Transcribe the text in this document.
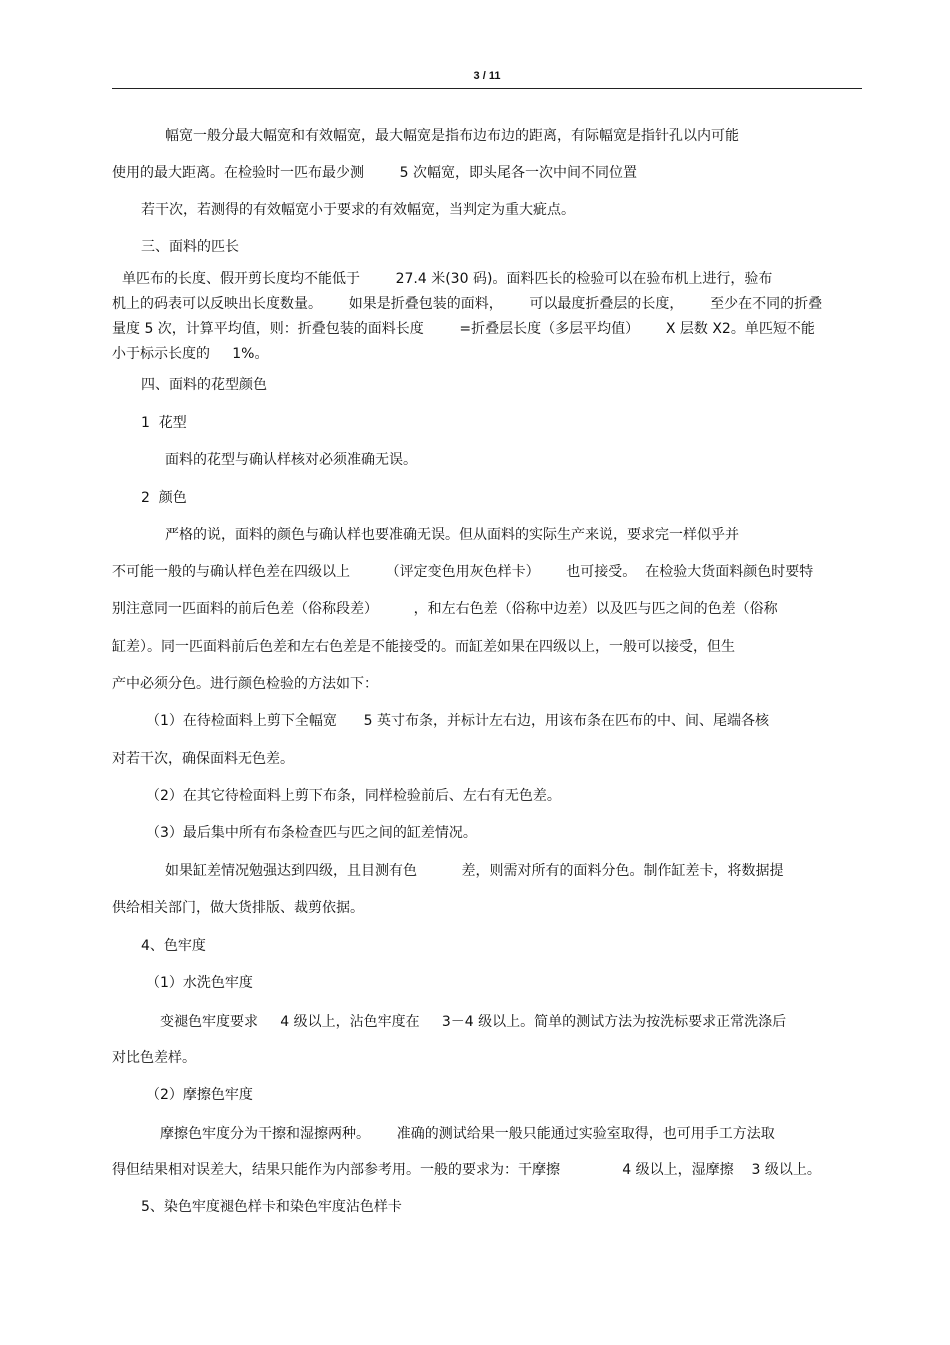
3 / 11
幅宽一般分最大幅宽和有效幅宽，最大幅宽是指布边布边的距离，有际幅宽是指针孔以内可能
使用的最大距离。在检验时一匹布最少测        5 次幅宽，即头尾各一次中间不同位置
若干次，若测得的有效幅宽小于要求的有效幅宽，当判定为重大疵点。
三、面料的匹长
单匹布的长度、假开剪长度均不能低于        27.4 米(30 码)。面料匹长的检验可以在验布机上进行，验布
机上的码表可以反映出长度数量。      如果是折叠包装的面料，      可以最度折叠层的长度，      至少在不同的折叠
量度 5 次，计算平均值，则：折叠包装的面料长度        =折叠层长度（多层平均值）      X 层数 X2。单匹短不能
小于标示长度的     1%。
四、面料的花型颜色
1  花型
面料的花型与确认样核对必须准确无误。
2  颜色
严格的说，面料的颜色与确认样也要准确无误。但从面料的实际生产来说，要求完一样似乎并
不可能一般的与确认样色差在四级以上        （评定变色用灰色样卡）      也可接受。  在检验大货面料颜色时要特
别注意同一匹面料的前后色差（俗称段差）        ，和左右色差（俗称中边差）以及匹与匹之间的色差（俗称
缸差）。同一匹面料前后色差和左右色差是不能接受的。而缸差如果在四级以上，一般可以接受，但生
产中必须分色。进行颜色检验的方法如下：
（1）在待检面料上剪下全幅宽      5 英寸布条，并标计左右边，用该布条在匹布的中、间、尾端各核
对若干次，确保面料无色差。
（2）在其它待检面料上剪下布条，同样检验前后、左右有无色差。
（3）最后集中所有布条检查匹与匹之间的缸差情况。
如果缸差情况勉强达到四级，且目测有色          差，则需对所有的面料分色。制作缸差卡，将数据提
供给相关部门，做大货排版、裁剪依据。
4、色牢度
（1）水洗色牢度
变褪色牢度要求     4 级以上，沾色牢度在     3－4 级以上。简单的测试方法为按洗标要求正常洗涤后
对比色差样。
（2）摩擦色牢度
摩擦色牢度分为干擦和湿擦两种。      准确的测试给果一般只能通过实验室取得，也可用手工方法取
得但结果相对误差大，结果只能作为内部参考用。一般的要求为：干摩擦              4 级以上，湿摩擦    3 级以上。
5、染色牢度褪色样卡和染色牢度沾色样卡
